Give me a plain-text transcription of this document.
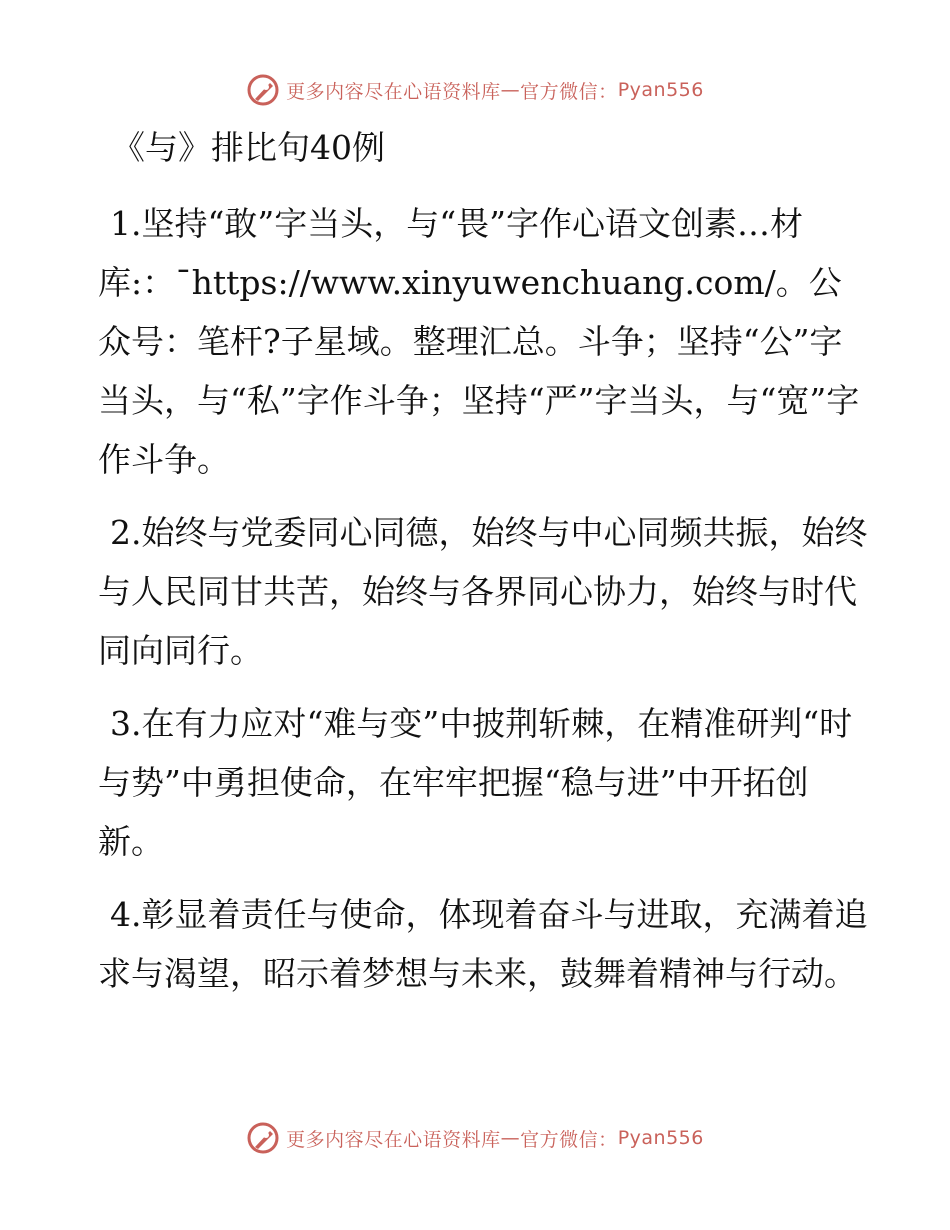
更多内容尽在心语资料库 — 官方微信： Pyan556
《与》排比句40例

1.坚持“敢”字当头，与“畏”字作心语文创素…材库:：¯https://www.xinyuwenchuang.com/。公众号：笔杆?子星域。整理汇总。斗争；坚持“公”字当头，与“私”字作斗争；坚持“严”字当头，与“宽”字作斗争。

2.始终与党委同心同德，始终与中心同频共振，始终与人民同甘共苦，始终与各界同心协力，始终与时代同向同行。

3.在有力应对“难与变”中披荆斩棘，在精准研判“时与势”中勇担使命，在牢牢把握“稳与进”中开拓创新。

4.彰显着责任与使命，体现着奋斗与进取，充满着追求与渴望，昭示着梦想与未来，鼓舞着精神与行动。

更多内容尽在心语资料库 — 官方微信： Pyan556
